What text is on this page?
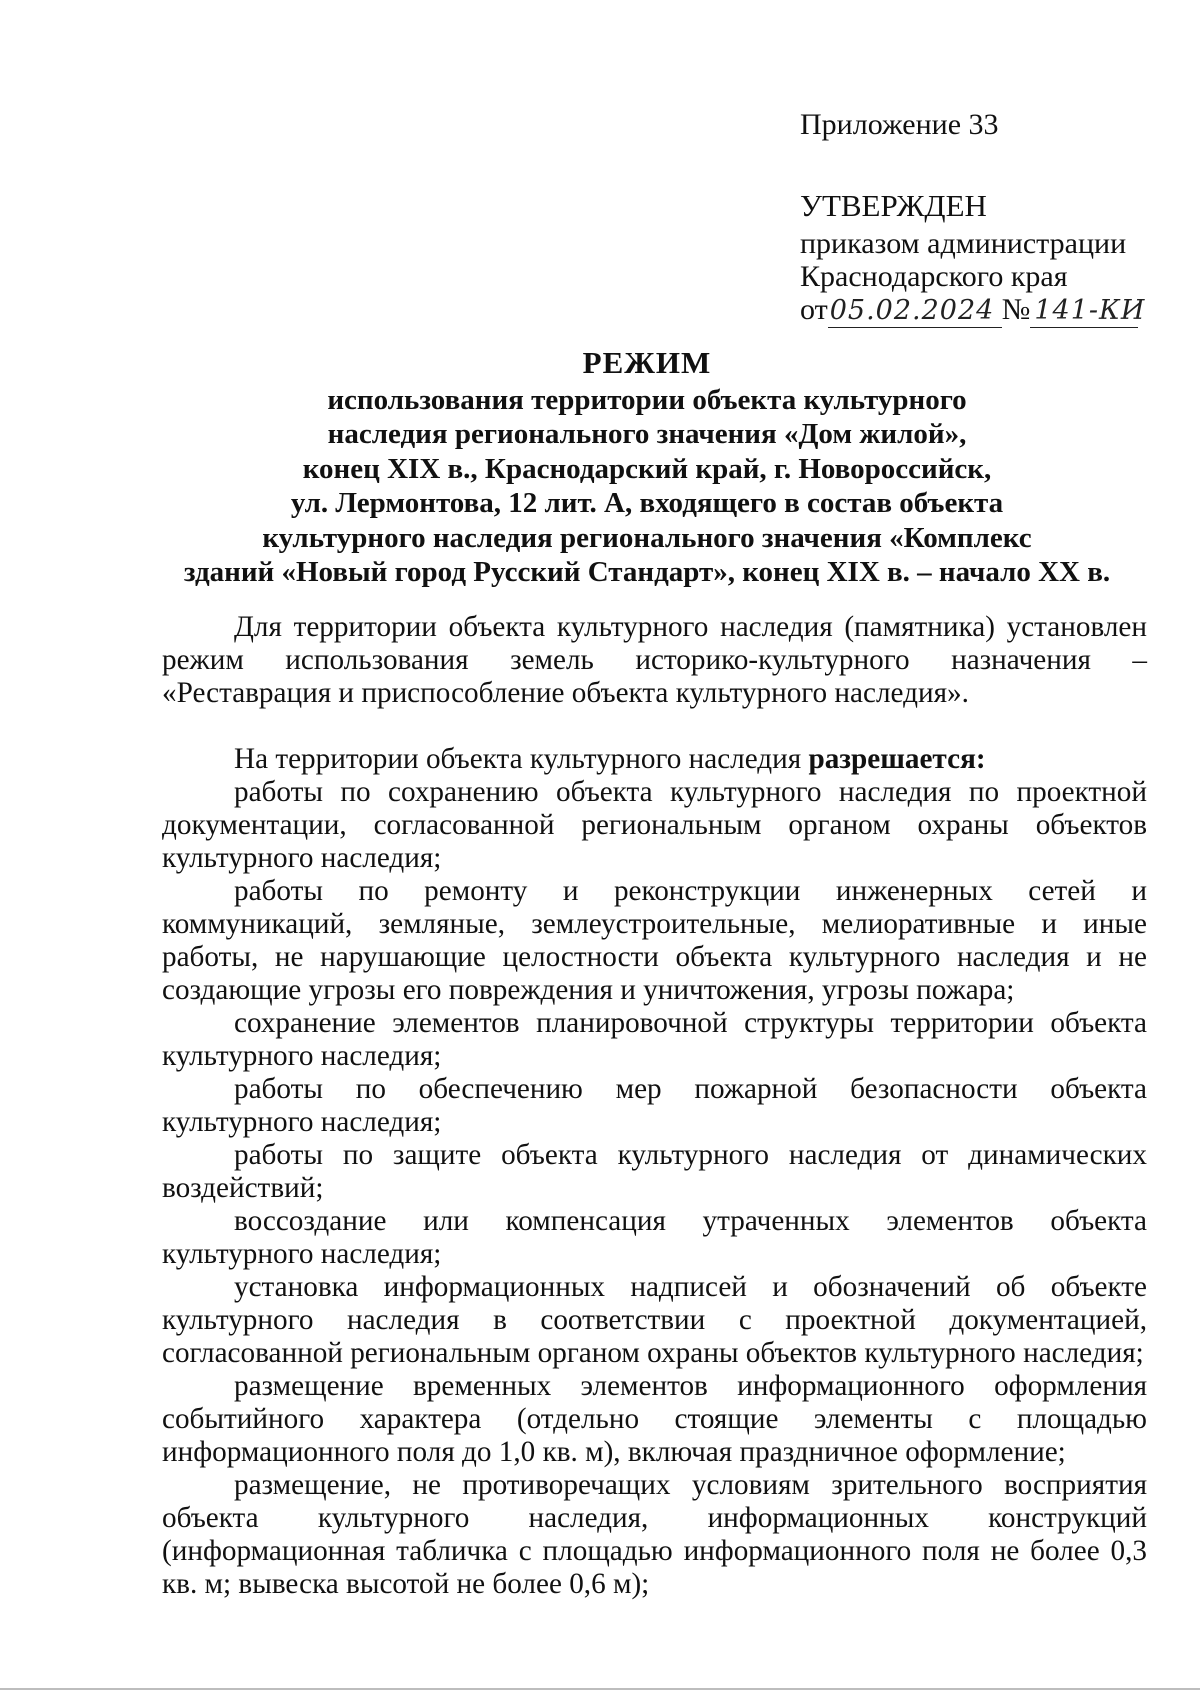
Приложение 33
УТВЕРЖДЕН
приказом администрации
Краснодарского края
от05.02.2024 № 141-КИ
РЕЖИМ
использования территории объекта культурного
наследия регионального значения «Дом жилой»,
конец XIX в., Краснодарский край, г. Новороссийск,
ул. Лермонтова, 12 лит. А, входящего в состав объекта
культурного наследия регионального значения «Комплекс
зданий «Новый город Русский Стандарт», конец XIX в. – начало XX в.

Для территории объекта культурного наследия (памятника) установлен режим использования земель историко-культурного назначения – «Реставрация и приспособление объекта культурного наследия».

На территории объекта культурного наследия разрешается:

работы по сохранению объекта культурного наследия по проектной документации, согласованной региональным органом охраны объектов культурного наследия;

работы по ремонту и реконструкции инженерных сетей и коммуникаций, земляные, землеустроительные, мелиоративные и иные работы, не нарушающие целостности объекта культурного наследия и не создающие угрозы его повреждения и уничтожения, угрозы пожара;

сохранение элементов планировочной структуры территории объекта культурного наследия;

работы по обеспечению мер пожарной безопасности объекта культурного наследия;

работы по защите объекта культурного наследия от динамических воздействий;

воссоздание или компенсация утраченных элементов объекта культурного наследия;

установка информационных надписей и обозначений об объекте культурного наследия в соответствии с проектной документацией, согласованной региональным органом охраны объектов культурного наследия;

размещение временных элементов информационного оформления событийного характера (отдельно стоящие элементы с площадью информационного поля до 1,0 кв. м), включая праздничное оформление;

размещение, не противоречащих условиям зрительного восприятия объекта культурного наследия, информационных конструкций (информационная табличка с площадью информационного поля не более 0,3 кв. м; вывеска высотой не более 0,6 м);
